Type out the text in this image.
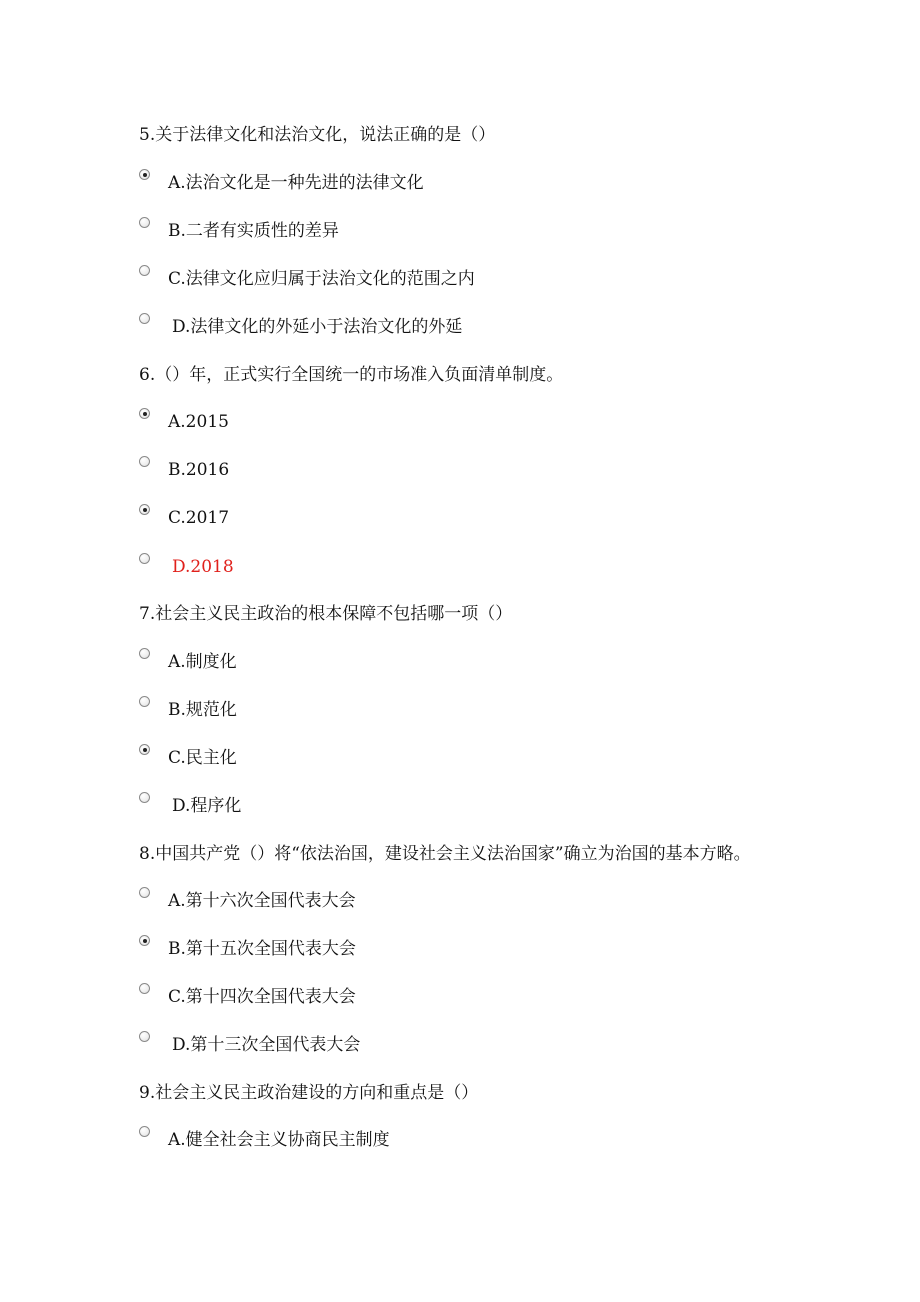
5.关于法律文化和法治文化，说法正确的是（）
A.法治文化是一种先进的法律文化
B.二者有实质性的差异
C.法律文化应归属于法治文化的范围之内
D.法律文化的外延小于法治文化的外延
6.（）年，正式实行全国统一的市场准入负面清单制度。
A.2015
B.2016
C.2017
D.2018
7.社会主义民主政治的根本保障不包括哪一项（）
A.制度化
B.规范化
C.民主化
D.程序化
8.中国共产党（）将“依法治国，建设社会主义法治国家”确立为治国的基本方略。
A.第十六次全国代表大会
B.第十五次全国代表大会
C.第十四次全国代表大会
D.第十三次全国代表大会
9.社会主义民主政治建设的方向和重点是（）
A.健全社会主义协商民主制度
